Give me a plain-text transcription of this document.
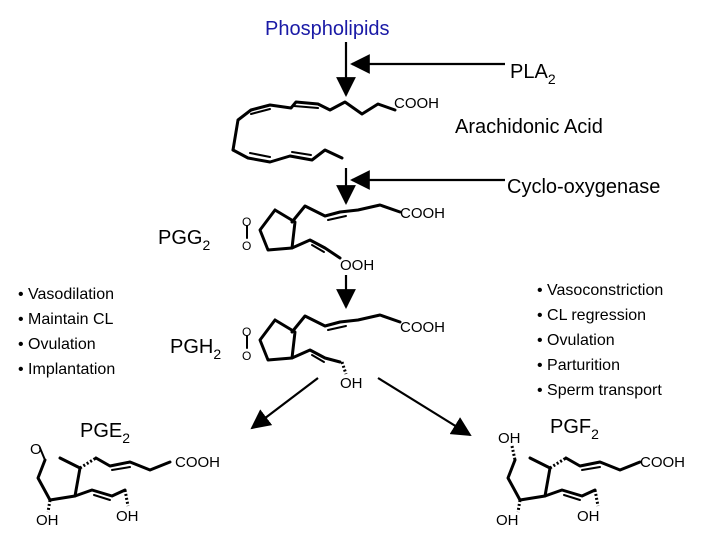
Phospholipids
$PLA_2$
COOH
Arachidonic Acid
Cyclo-oxygenase
$PGG_2$
O
O
COOH
OOH
• Vasodilation
• Maintain CL
• Ovulation
• Implantation
• Vasoconstriction
• CL regression
• Ovulation
• Parturition
• Sperm transport
$PGH_2$
O
O
COOH
OH
$PGE_2$
O
COOH
OH	OH
$PGF_2$
OH
COOH
OH	OH
